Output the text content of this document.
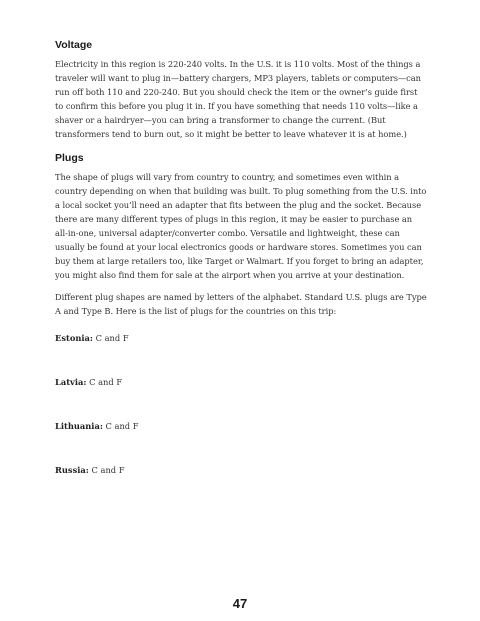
Voltage

Electricity in this region is 220-240 volts. In the U.S. it is 110 volts. Most of the things a traveler will want to plug in—battery chargers, MP3 players, tablets or computers—can run off both 110 and 220-240. But you should check the item or the owner’s guide first to confirm this before you plug it in. If you have something that needs 110 volts—like a shaver or a hairdryer—you can bring a transformer to change the current. (But transformers tend to burn out, so it might be better to leave whatever it is at home.)

Plugs

The shape of plugs will vary from country to country, and sometimes even within a country depending on when that building was built. To plug something from the U.S. into a local socket you’ll need an adapter that fits between the plug and the socket. Because there are many different types of plugs in this region, it may be easier to purchase an all-in-one, universal adapter/converter combo. Versatile and lightweight, these can usually be found at your local electronics goods or hardware stores. Sometimes you can buy them at large retailers too, like Target or Walmart. If you forget to bring an adapter, you might also find them for sale at the airport when you arrive at your destination.

Different plug shapes are named by letters of the alphabet. Standard U.S. plugs are Type A and Type B. Here is the list of plugs for the countries on this trip:

Estonia: C and F
Latvia: C and F
Lithuania: C and F
Russia: C and F
47
